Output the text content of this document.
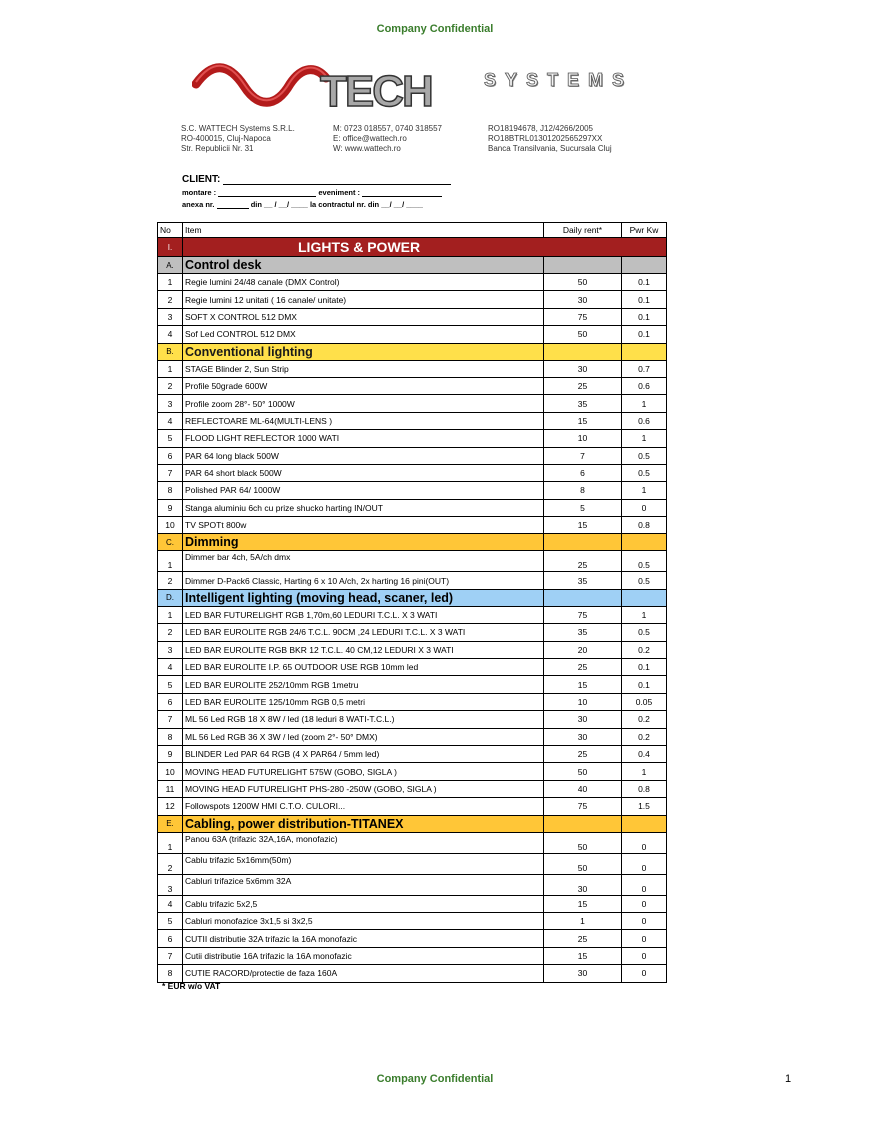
Company Confidential
TECH	SYSTEMS
S.C. WATTECH Systems S.R.L.
RO-400015, Cluj-Napoca
Str. Republicii Nr. 31
M: 0723 018557, 0740 318557
E: office@wattech.ro
W: www.wattech.ro
RO18194678, J12/4266/2005
RO18BTRL01301202565297XX
Banca Transilvania, Sucursala Cluj
CLIENT:
montare :	eveniment :
anexa nr.	din __ / __/ ____ la contractul nr. din __/ __/ ____
No	Item	Daily rent*	Pwr Kw
I.	LIGHTS & POWER		
A.	Control desk		
1	Regie lumini 24/48 canale (DMX Control)	50	0.1
2	Regie lumini 12 unitati ( 16 canale/ unitate)	30	0.1
3	SOFT X CONTROL 512 DMX	75	0.1
4	Sof Led CONTROL 512 DMX	50	0.1
B.	Conventional lighting		
1	STAGE Blinder 2, Sun Strip	30	0.7
2	Profile 50grade 600W	25	0.6
3	Profile zoom 28°- 50° 1000W	35	1
4	REFLECTOARE ML-64(MULTI-LENS )	15	0.6
5	FLOOD LIGHT REFLECTOR 1000 WATI	10	1
6	PAR 64 long black 500W	7	0.5
7	PAR 64 short black 500W	6	0.5
8	Polished PAR 64/ 1000W	8	1
9	Stanga aluminiu 6ch cu prize shucko harting IN/OUT	5	0
10	TV SPOTt 800w	15	0.8
C.	Dimming		
1	Dimmer bar 4ch, 5A/ch dmx	25	0.5
2	Dimmer D-Pack6 Classic, Harting 6 x 10 A/ch, 2x harting 16 pini(OUT)	35	0.5
D.	Intelligent lighting (moving head, scaner, led)		
1	LED BAR FUTURELIGHT RGB 1,70m,60 LEDURI T.C.L. X 3 WATI	75	1
2	LED BAR EUROLITE RGB 24/6 T.C.L. 90CM ,24 LEDURI T.C.L. X 3 WATI	35	0.5
3	LED BAR EUROLITE RGB BKR 12 T.C.L. 40 CM,12 LEDURI X 3 WATI	20	0.2
4	LED BAR EUROLITE I.P. 65 OUTDOOR USE RGB 10mm led	25	0.1
5	LED BAR EUROLITE 252/10mm RGB 1metru	15	0.1
6	LED BAR EUROLITE 125/10mm RGB 0,5 metri	10	0.05
7	ML 56 Led RGB 18 X 8W / led (18 leduri 8 WATI-T.C.L.)	30	0.2
8	ML 56 Led RGB 36 X 3W / led (zoom 2°- 50° DMX)	30	0.2
9	BLINDER Led PAR 64 RGB (4 X PAR64 / 5mm led)	25	0.4
10	MOVING HEAD FUTURELIGHT 575W (GOBO, SIGLA )	50	1
11	MOVING HEAD FUTURELIGHT PHS-280 -250W (GOBO, SIGLA )	40	0.8
12	Followspots 1200W HMI C.T.O. CULORI...	75	1.5
E.	Cabling, power distribution-TITANEX		
1	Panou 63A (trifazic 32A,16A, monofazic)	50	0
2	Cablu trifazic 5x16mm(50m)	50	0
3	Cabluri trifazice 5x6mm 32A	30	0
4	Cablu trifazic 5x2,5	15	0
5	Cabluri monofazice 3x1,5 si 3x2,5	1	0
6	CUTII distributie 32A trifazic la 16A monofazic	25	0
7	Cutii distributie 16A trifazic la 16A monofazic	15	0
8	CUTIE RACORD/protectie de faza 160A	30	0
* EUR w/o VAT
Company Confidential	1
